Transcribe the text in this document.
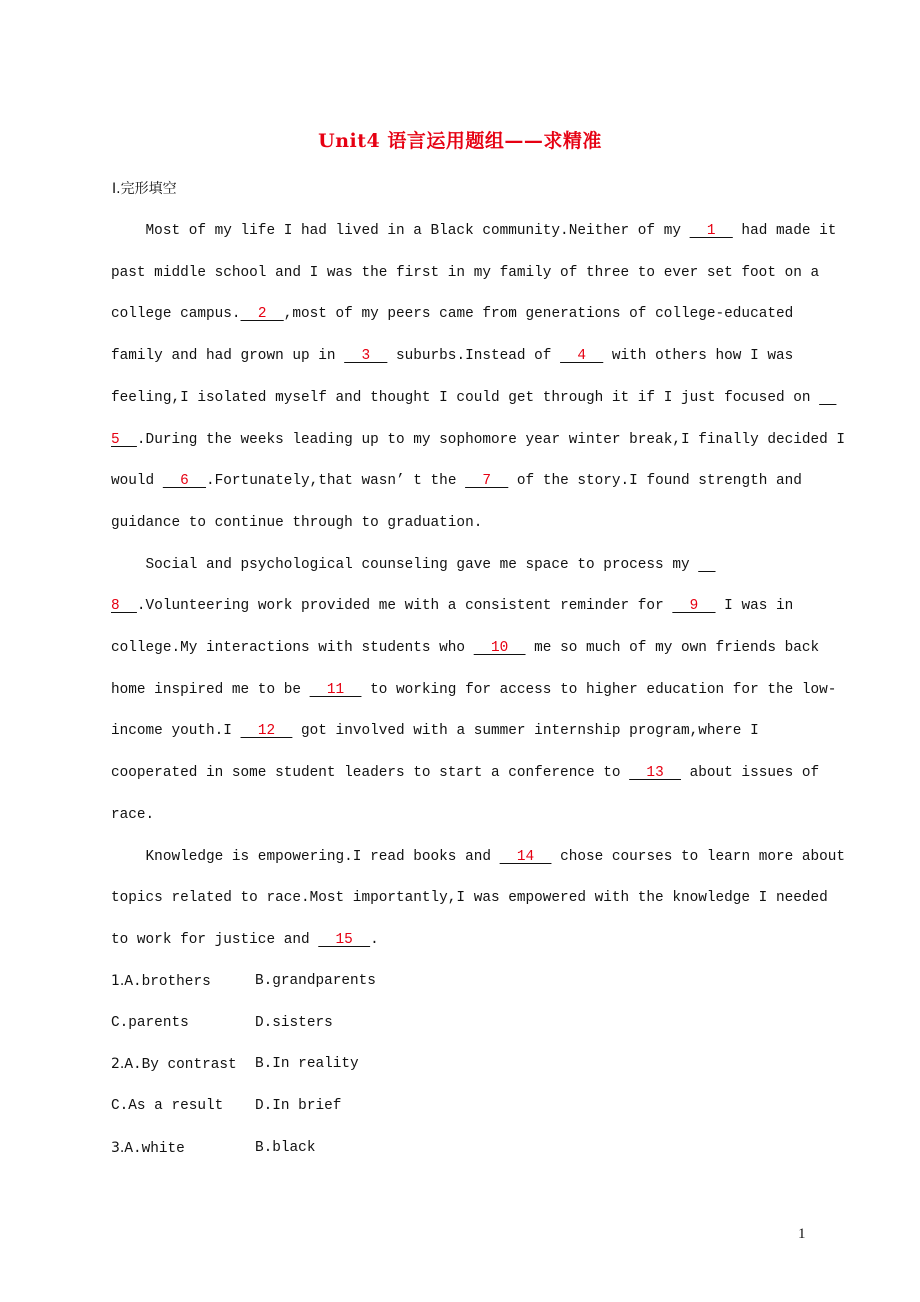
Unit4 语言运用题组——求精准
Ⅰ.完形填空
Most of my life I had lived in a Black community.Neither of my   1   had made it
past middle school and I was the first in my family of three to ever set foot on a
college campus.  2  ,most of my peers came from generations of college-educated
family and had grown up in   3   suburbs.Instead of   4   with others how I was
feeling,I isolated myself and thought I could get through it if I just focused on
5  .During the weeks leading up to my sophomore year winter break,I finally decided I
would   6  .Fortunately,that wasn’ t the   7   of the story.I found strength and
guidance to continue through to graduation.
Social and psychological counseling gave me space to process my
8  .Volunteering work provided me with a consistent reminder for   9   I was in
college.My interactions with students who   10   me so much of my own friends back
home inspired me to be   11   to working for access to higher education for the low-
income youth.I   12   got involved with a summer internship program,where I
cooperated in some student leaders to start a conference to   13   about issues of
race.
Knowledge is empowering.I read books and   14   chose courses to learn more about
topics related to race.Most importantly,I was empowered with the knowledge I needed
to work for justice and   15  .
1.A.brothers	B.grandparents
C.parents	D.sisters
2.A.By contrast B.In reality
C.As a result D.In brief
3.A.white	B.black
1
